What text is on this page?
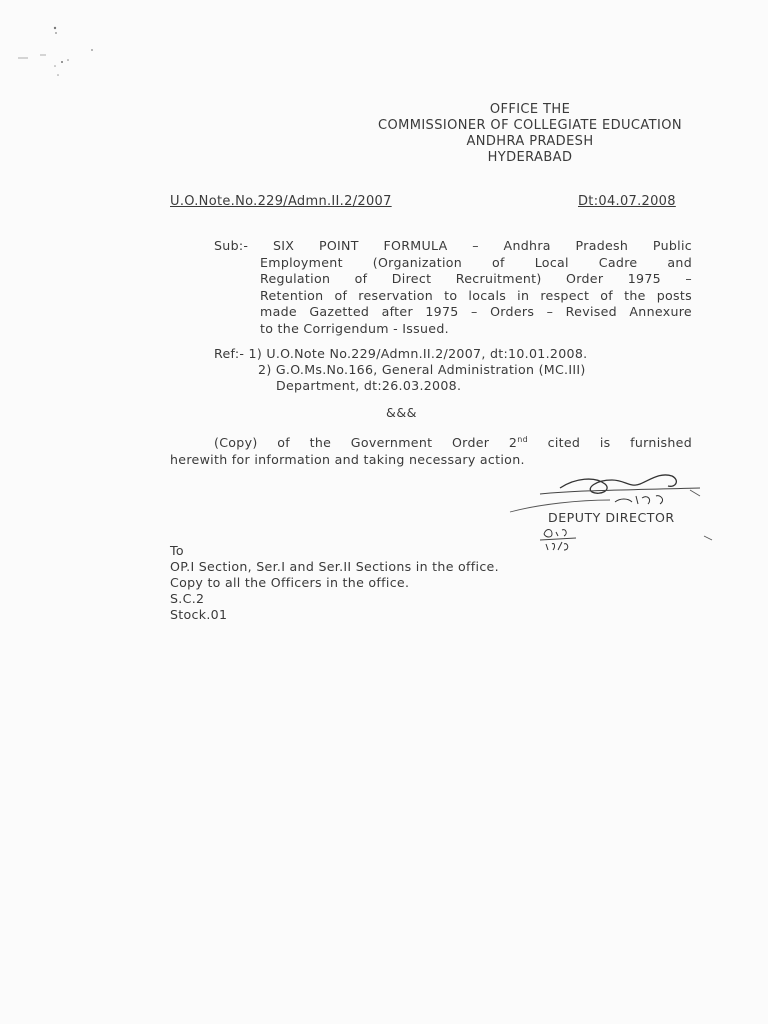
OFFICE THE
COMMISSIONER OF COLLEGIATE EDUCATION
ANDHRA PRADESH
HYDERABAD
U.O.Note.No.229/Admn.II.2/2007	Dt:04.07.2008
Sub:- SIX POINT FORMULA – Andhra Pradesh Public
Employment (Organization of Local Cadre and
Regulation of Direct Recruitment) Order 1975 –
Retention of reservation to locals in respect of the posts
made Gazetted after 1975 – Orders – Revised Annexure
to the Corrigendum - Issued.
Ref:- 1) U.O.Note No.229/Admn.II.2/2007, dt:10.01.2008.
2) G.O.Ms.No.166, General Administration (MC.III)
Department, dt:26.03.2008.
&&&
(Copy) of the Government Order 2nd cited is furnished
herewith for information and taking necessary action.
DEPUTY DIRECTOR
To
OP.I Section, Ser.I and Ser.II Sections in the office.
Copy to all the Officers in the office.
S.C.2
Stock.01
